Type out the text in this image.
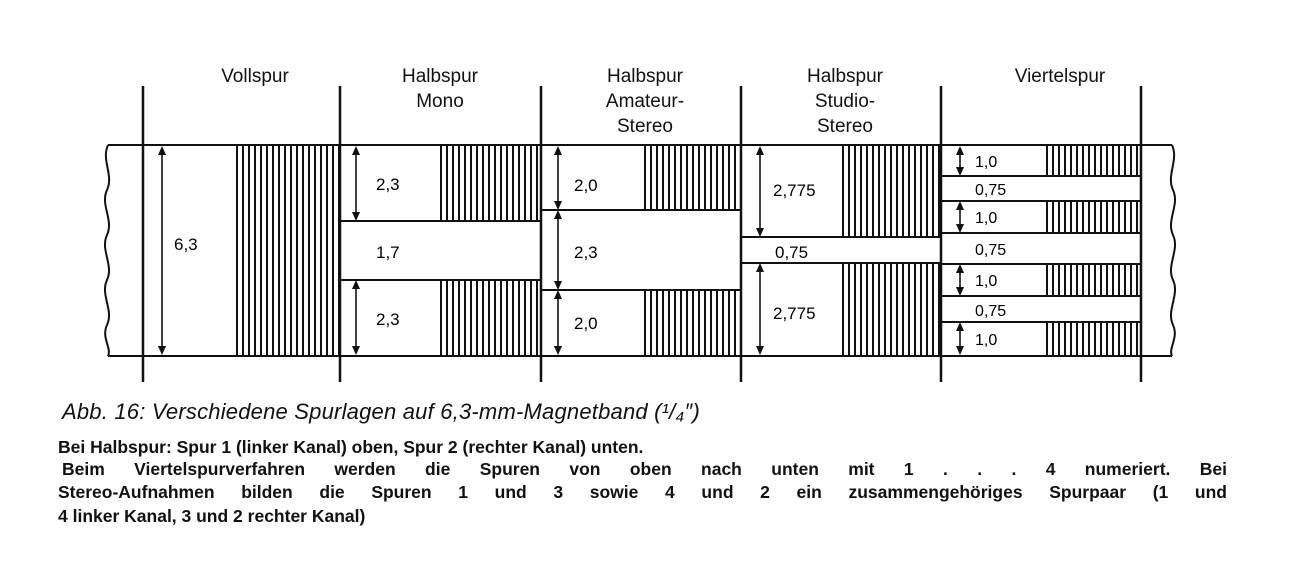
Vollspur	Halbspur
Mono
Halbspur
Amateur-
Stereo
Halbspur
Studio-
Stereo
Viertelspur
6,3
2,3
1,7
2,3
2,0
2,3
2,0
2,775
0,75
2,775
1,0
0,75
1,0
0,75
1,0
0,75
1,0
Abb. 16: Verschiedene Spurlagen auf 6,3-mm-Magnetband (¹/₄″)
Bei Halbspur: Spur 1 (linker Kanal) oben, Spur 2 (rechter Kanal) unten.
Beim Viertelspurverfahren werden die Spuren von oben nach unten mit 1 . . . 4 numeriert. Bei
Stereo-Aufnahmen bilden die Spuren 1 und 3 sowie 4 und 2 ein zusammengehöriges Spurpaar (1 und
4 linker Kanal, 3 und 2 rechter Kanal)
